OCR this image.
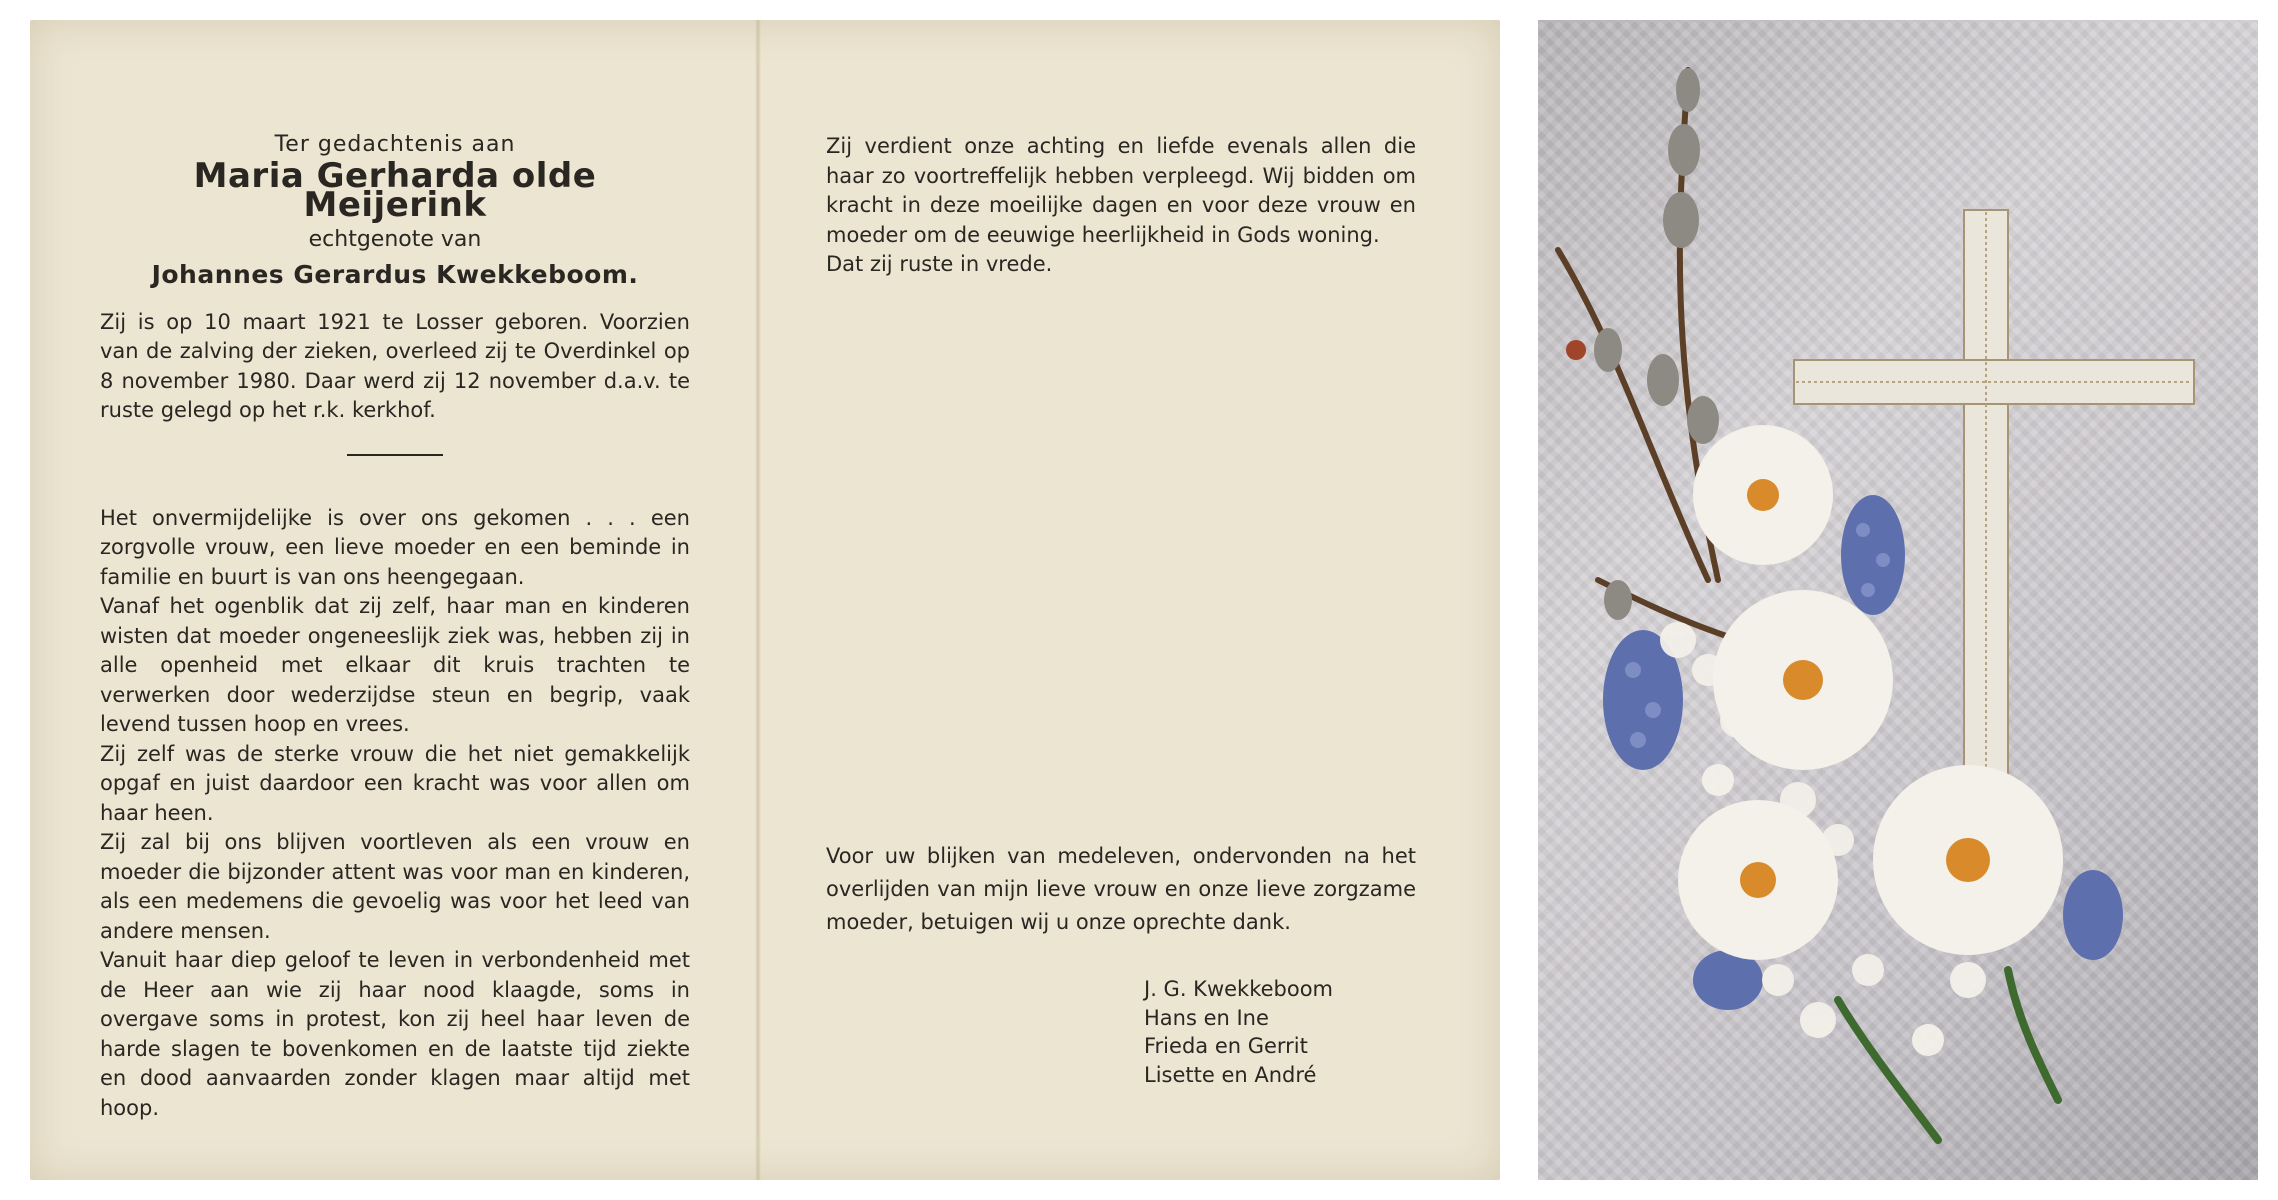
Ter gedachtenis aan
Maria Gerharda olde Meijerink
echtgenote van
Johannes Gerardus Kwekkeboom.

Zij is op 10 maart 1921 te Losser geboren. Voorzien van de zalving der zieken, overleed zij te Overdinkel op 8 november 1980. Daar werd zij 12 november d.a.v. te ruste gelegd op het r.k. kerkhof.

Het onvermijdelijke is over ons gekomen . . . een zorgvolle vrouw, een lieve moeder en een beminde in familie en buurt is van ons heengegaan.

Vanaf het ogenblik dat zij zelf, haar man en kinderen wisten dat moeder ongeneeslijk ziek was, hebben zij in alle openheid met elkaar dit kruis trachten te verwerken door wederzijdse steun en begrip, vaak levend tussen hoop en vrees.

Zij zelf was de sterke vrouw die het niet gemakkelijk opgaf en juist daardoor een kracht was voor allen om haar heen.

Zij zal bij ons blijven voortleven als een vrouw en moeder die bijzonder attent was voor man en kinderen, als een medemens die gevoelig was voor het leed van andere mensen.

Vanuit haar diep geloof te leven in verbondenheid met de Heer aan wie zij haar nood klaagde, soms in overgave soms in protest, kon zij heel haar leven de harde slagen te bovenkomen en de laatste tijd ziekte en dood aanvaarden zonder klagen maar altijd met hoop.

Zij verdient onze achting en liefde evenals allen die haar zo voortreffelijk hebben verpleegd. Wij bidden om kracht in deze moeilijke dagen en voor deze vrouw en moeder om de eeuwige heerlijkheid in Gods woning.

Dat zij ruste in vrede.

Voor uw blijken van medeleven, ondervonden na het overlijden van mijn lieve vrouw en onze lieve zorgzame moeder, betuigen wij u onze oprechte dank.
J. G. Kwekkeboom
Hans en Ine
Frieda en Gerrit
Lisette en André
